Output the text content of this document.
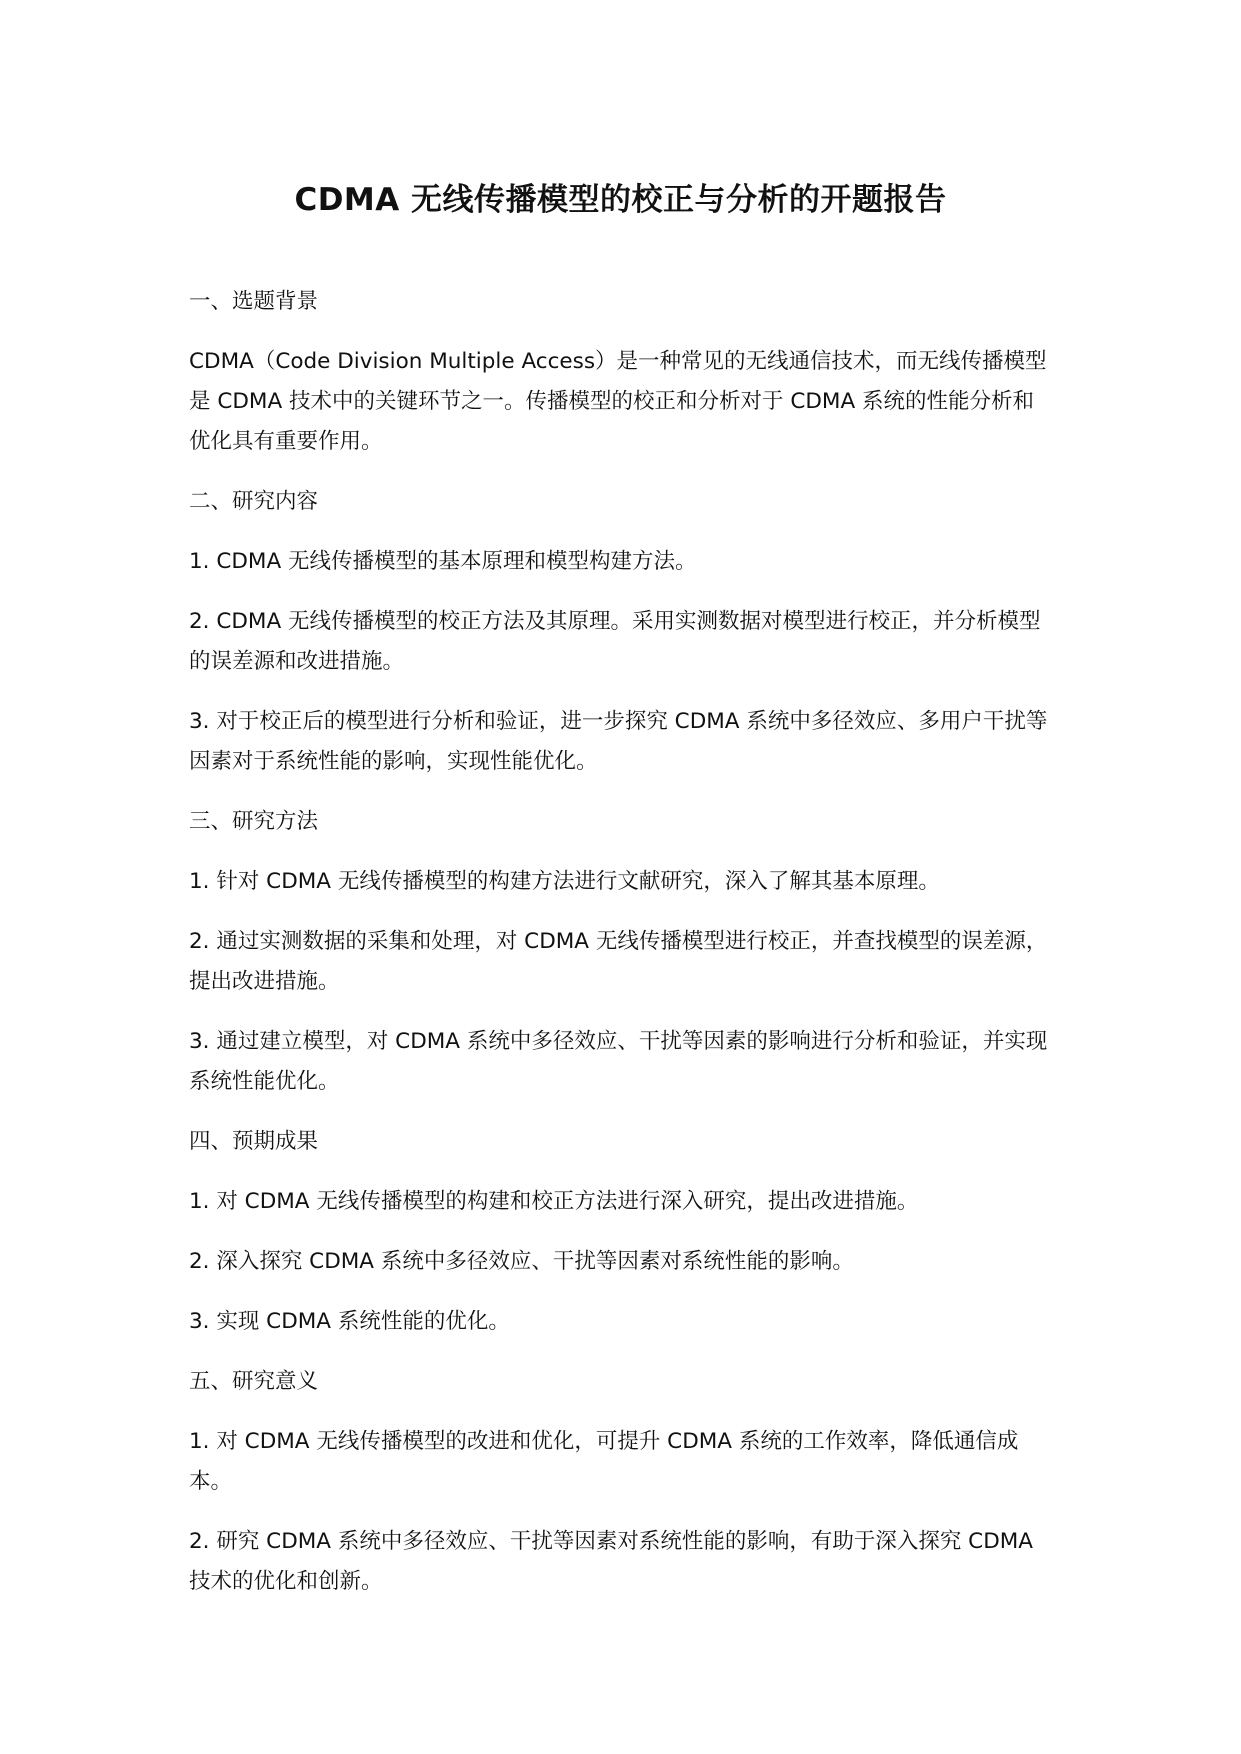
CDMA 无线传播模型的校正与分析的开题报告

一、选题背景

CDMA（Code Division Multiple Access）是一种常见的无线通信技术，而无线传播模型是 CDMA 技术中的关键环节之一。传播模型的校正和分析对于 CDMA 系统的性能分析和优化具有重要作用。

二、研究内容

1. CDMA 无线传播模型的基本原理和模型构建方法。

2. CDMA 无线传播模型的校正方法及其原理。采用实测数据对模型进行校正，并分析模型的误差源和改进措施。

3. 对于校正后的模型进行分析和验证，进一步探究 CDMA 系统中多径效应、多用户干扰等因素对于系统性能的影响，实现性能优化。

三、研究方法

1. 针对 CDMA 无线传播模型的构建方法进行文献研究，深入了解其基本原理。

2. 通过实测数据的采集和处理，对 CDMA 无线传播模型进行校正，并查找模型的误差源，提出改进措施。

3. 通过建立模型，对 CDMA 系统中多径效应、干扰等因素的影响进行分析和验证，并实现系统性能优化。

四、预期成果

1. 对 CDMA 无线传播模型的构建和校正方法进行深入研究，提出改进措施。

2. 深入探究 CDMA 系统中多径效应、干扰等因素对系统性能的影响。

3. 实现 CDMA 系统性能的优化。

五、研究意义

1. 对 CDMA 无线传播模型的改进和优化，可提升 CDMA 系统的工作效率，降低通信成本。

2. 研究 CDMA 系统中多径效应、干扰等因素对系统性能的影响，有助于深入探究 CDMA 技术的优化和创新。
